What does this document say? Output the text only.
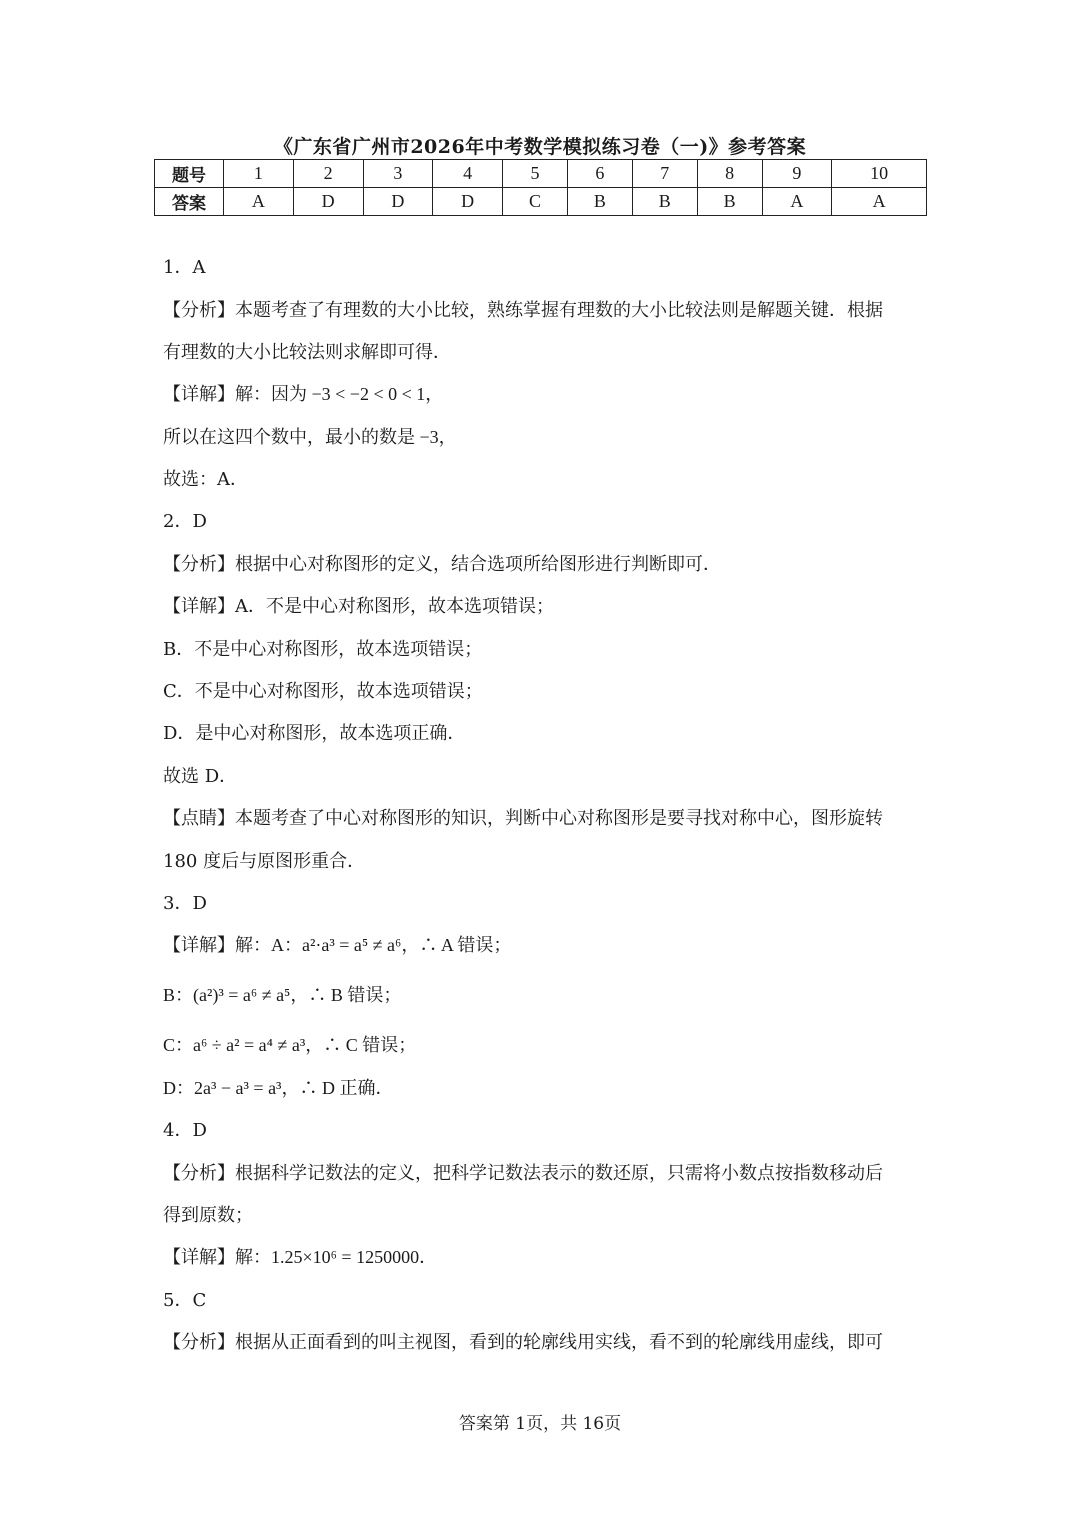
《广东省广州市2026年中考数学模拟练习卷（一)》参考答案
题号	1	2	3	4	5	6	7	8	9	10
答案	A	D	D	D	C	B	B	B	A	A
1．A
【分析】本题考查了有理数的大小比较，熟练掌握有理数的大小比较法则是解题关键．根据
有理数的大小比较法则求解即可得．
【详解】解：因为 −3 < −2 < 0 < 1，
所以在这四个数中，最小的数是 −3，
故选：A．
2．D
【分析】根据中心对称图形的定义，结合选项所给图形进行判断即可．
【详解】A．不是中心对称图形，故本选项错误；
B．不是中心对称图形，故本选项错误；
C．不是中心对称图形，故本选项错误；
D．是中心对称图形，故本选项正确．
故选 D．
【点睛】本题考查了中心对称图形的知识，判断中心对称图形是要寻找对称中心，图形旋转
180 度后与原图形重合．
3．D
【详解】解：A：a²·a³ = a⁵ ≠ a⁶，∴ A 错误；
B：(a²)³ = a⁶ ≠ a⁵，∴ B 错误；
C：a⁶ ÷ a² = a⁴ ≠ a³，∴ C 错误；
D：2a³ − a³ = a³，∴ D 正确．
4．D
【分析】根据科学记数法的定义，把科学记数法表示的数还原，只需将小数点按指数移动后
得到原数；
【详解】解：1.25×10⁶ = 1250000．
5．C
【分析】根据从正面看到的叫主视图，看到的轮廓线用实线，看不到的轮廓线用虚线，即可
答案第 1页，共 16页
